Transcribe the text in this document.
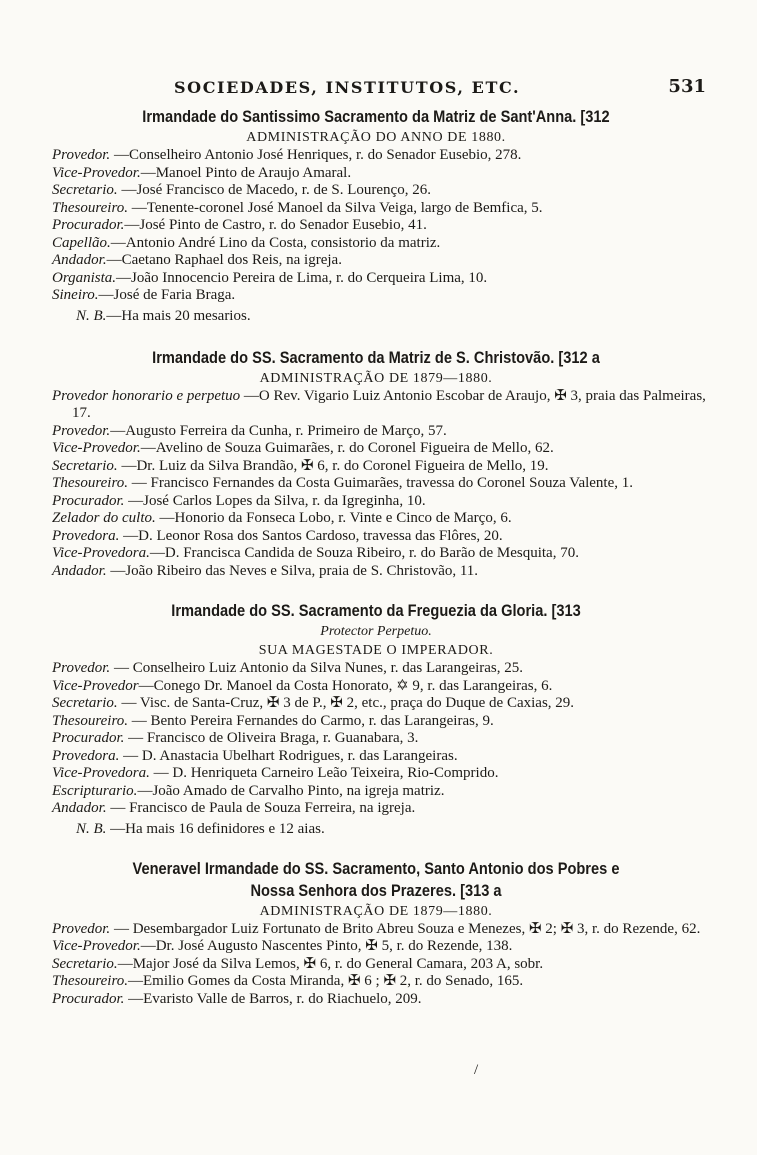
SOCIEDADES, INSTITUTOS, ETC.	531
Irmandade do Santissimo Sacramento da Matriz de Sant'Anna. [312
ADMINISTRAÇÃO DO ANNO DE 1880.
Provedor. —Conselheiro Antonio José Henriques, r. do Senador Eusebio, 278.
Vice-Provedor.—Manoel Pinto de Araujo Amaral.
Secretario. —José Francisco de Macedo, r. de S. Lourenço, 26.
Thesoureiro. —Tenente-coronel José Manoel da Silva Veiga, largo de Bemfica, 5.
Procurador.—José Pinto de Castro, r. do Senador Eusebio, 41.
Capellão.—Antonio André Lino da Costa, consistorio da matriz.
Andador.—Caetano Raphael dos Reis, na igreja.
Organista.—João Innocencio Pereira de Lima, r. do Cerqueira Lima, 10.
Sineiro.—José de Faria Braga.
N. B.—Ha mais 20 mesarios.
Irmandade do SS. Sacramento da Matriz de S. Christovão. [312 a
ADMINISTRAÇÃO DE 1879—1880.
Provedor honorario e perpetuo —O Rev. Vigario Luiz Antonio Escobar de Araujo, ✠ 3, praia das Palmeiras, 17.
Provedor.—Augusto Ferreira da Cunha, r. Primeiro de Março, 57.
Vice-Provedor.—Avelino de Souza Guimarães, r. do Coronel Figueira de Mello, 62.
Secretario. —Dr. Luiz da Silva Brandão, ✠ 6, r. do Coronel Figueira de Mello, 19.
Thesoureiro. — Francisco Fernandes da Costa Guimarães, travessa do Coronel Souza Valente, 1.
Procurador. —José Carlos Lopes da Silva, r. da Igreginha, 10.
Zelador do culto. —Honorio da Fonseca Lobo, r. Vinte e Cinco de Março, 6.
Provedora. —D. Leonor Rosa dos Santos Cardoso, travessa das Flôres, 20.
Vice-Provedora.—D. Francisca Candida de Souza Ribeiro, r. do Barão de Mesquita, 70.
Andador. —João Ribeiro das Neves e Silva, praia de S. Christovão, 11.
Irmandade do SS. Sacramento da Freguezia da Gloria. [313
Protector Perpetuo.
SUA MAGESTADE O IMPERADOR.
Provedor. — Conselheiro Luiz Antonio da Silva Nunes, r. das Larangeiras, 25.
Vice-Provedor—Conego Dr. Manoel da Costa Honorato, ✡ 9, r. das Larangeiras, 6.
Secretario. — Visc. de Santa-Cruz, ✠ 3 de P., ✠ 2, etc., praça do Duque de Caxias, 29.
Thesoureiro. — Bento Pereira Fernandes do Carmo, r. das Larangeiras, 9.
Procurador. — Francisco de Oliveira Braga, r. Guanabara, 3.
Provedora. — D. Anastacia Ubelhart Rodrigues, r. das Larangeiras.
Vice-Provedora. — D. Henriqueta Carneiro Leão Teixeira, Rio-Comprido.
Escripturario.—João Amado de Carvalho Pinto, na igreja matriz.
Andador. — Francisco de Paula de Souza Ferreira, na igreja.
N. B. —Ha mais 16 definidores e 12 aias.
Veneravel Irmandade do SS. Sacramento, Santo Antonio dos Pobres e Nossa Senhora dos Prazeres. [313 a
ADMINISTRAÇÃO DE 1879—1880.
Provedor. — Desembargador Luiz Fortunato de Brito Abreu Souza e Menezes, ✠ 2; ✠ 3, r. do Rezende, 62.
Vice-Provedor.—Dr. José Augusto Nascentes Pinto, ✠ 5, r. do Rezende, 138.
Secretario.—Major José da Silva Lemos, ✠ 6, r. do General Camara, 203 A, sobr.
Thesoureiro.—Emilio Gomes da Costa Miranda, ✠ 6 ; ✠ 2, r. do Senado, 165.
Procurador. —Evaristo Valle de Barros, r. do Riachuelo, 209.
/
